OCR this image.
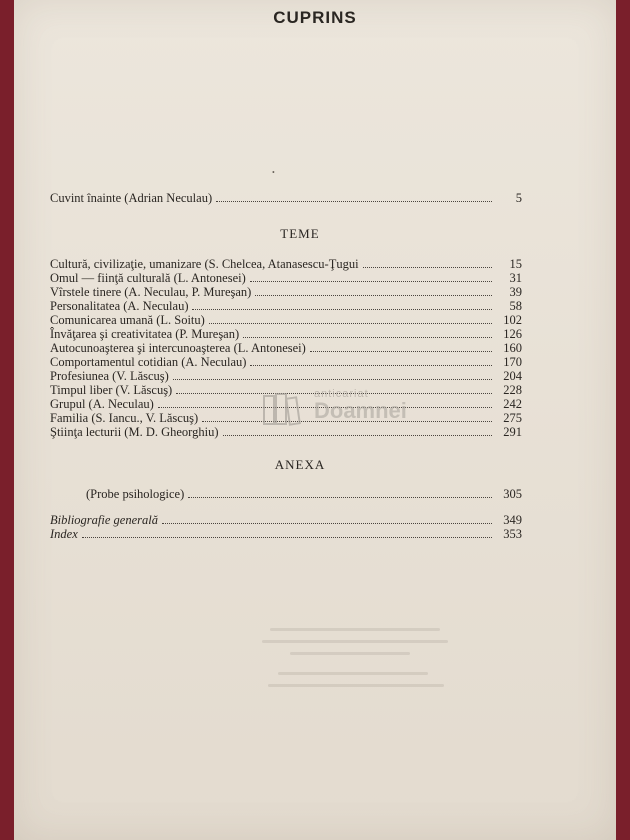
CUPRINS
•
Cuvint înainte (Adrian Neculau)	5
TEME
Cultură, civilizaţie, umanizare (S. Chelcea, Atanasescu-Ţugui	15
Omul — fiinţă culturală (L. Antonesei)	31
Vîrstele tinere (A. Neculau, P. Mureşan)	39
Personalitatea (A. Neculau)	58
Comunicarea umană (L. Soitu)	102
Învăţarea şi creativitatea (P. Mureşan)	126
Autocunoaşterea şi intercunoaşterea (L. Antonesei)	160
Comportamentul cotidian (A. Neculau)	170
Profesiunea (V. Lăscuş)	204
Timpul liber (V. Lăscuş)	228
Grupul (A. Neculau)	242
Familia (S. Iancu., V. Lăscuş)	275
Ştiinţa lecturii (M. D. Gheorghiu)	291
anticariat
Doamnei
ANEXA
(Probe psihologice)	305
Bibliografie generală	349
Index	353
